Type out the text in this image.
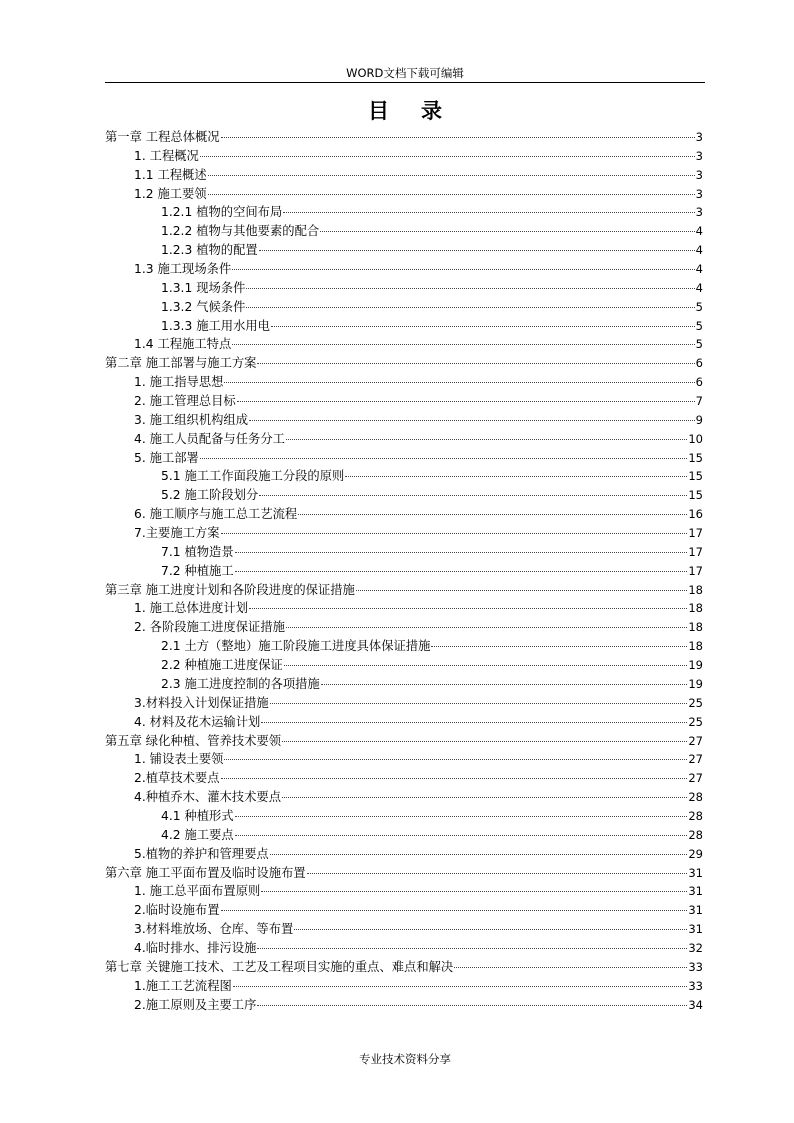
WORD文档下载可编辑
目录
第一章 工程总体概况	3
1. 工程概况	3
1.1 工程概述	3
1.2 施工要领	3
1.2.1 植物的空间布局	3
1.2.2 植物与其他要素的配合	4
1.2.3 植物的配置	4
1.3 施工现场条件	4
1.3.1 现场条件	4
1.3.2 气候条件	5
1.3.3 施工用水用电	5
1.4 工程施工特点	5
第二章 施工部署与施工方案	6
1. 施工指导思想	6
2. 施工管理总目标	7
3. 施工组织机构组成	9
4. 施工人员配备与任务分工	10
5. 施工部署	15
5.1 施工工作面段施工分段的原则	15
5.2 施工阶段划分	15
6. 施工顺序与施工总工艺流程	16
7.主要施工方案	17
7.1 植物造景	17
7.2 种植施工	17
第三章 施工进度计划和各阶段进度的保证措施	18
1. 施工总体进度计划	18
2. 各阶段施工进度保证措施	18
2.1 土方（整地）施工阶段施工进度具体保证措施	18
2.2 种植施工进度保证	19
2.3 施工进度控制的各项措施	19
3.材料投入计划保证措施	25
4. 材料及花木运输计划	25
第五章 绿化种植、管养技术要领	27
1. 铺设表土要领	27
2.植草技术要点	27
4.种植乔木、灌木技术要点	28
4.1 种植形式	28
4.2 施工要点	28
5.植物的养护和管理要点	29
第六章 施工平面布置及临时设施布置	31
1. 施工总平面布置原则	31
2.临时设施布置	31
3.材料堆放场、仓库、等布置	31
4.临时排水、排污设施	32
第七章 关键施工技术、工艺及工程项目实施的重点、难点和解决	33
1.施工工艺流程图	33
2.施工原则及主要工序	34
专业技术资料分享
